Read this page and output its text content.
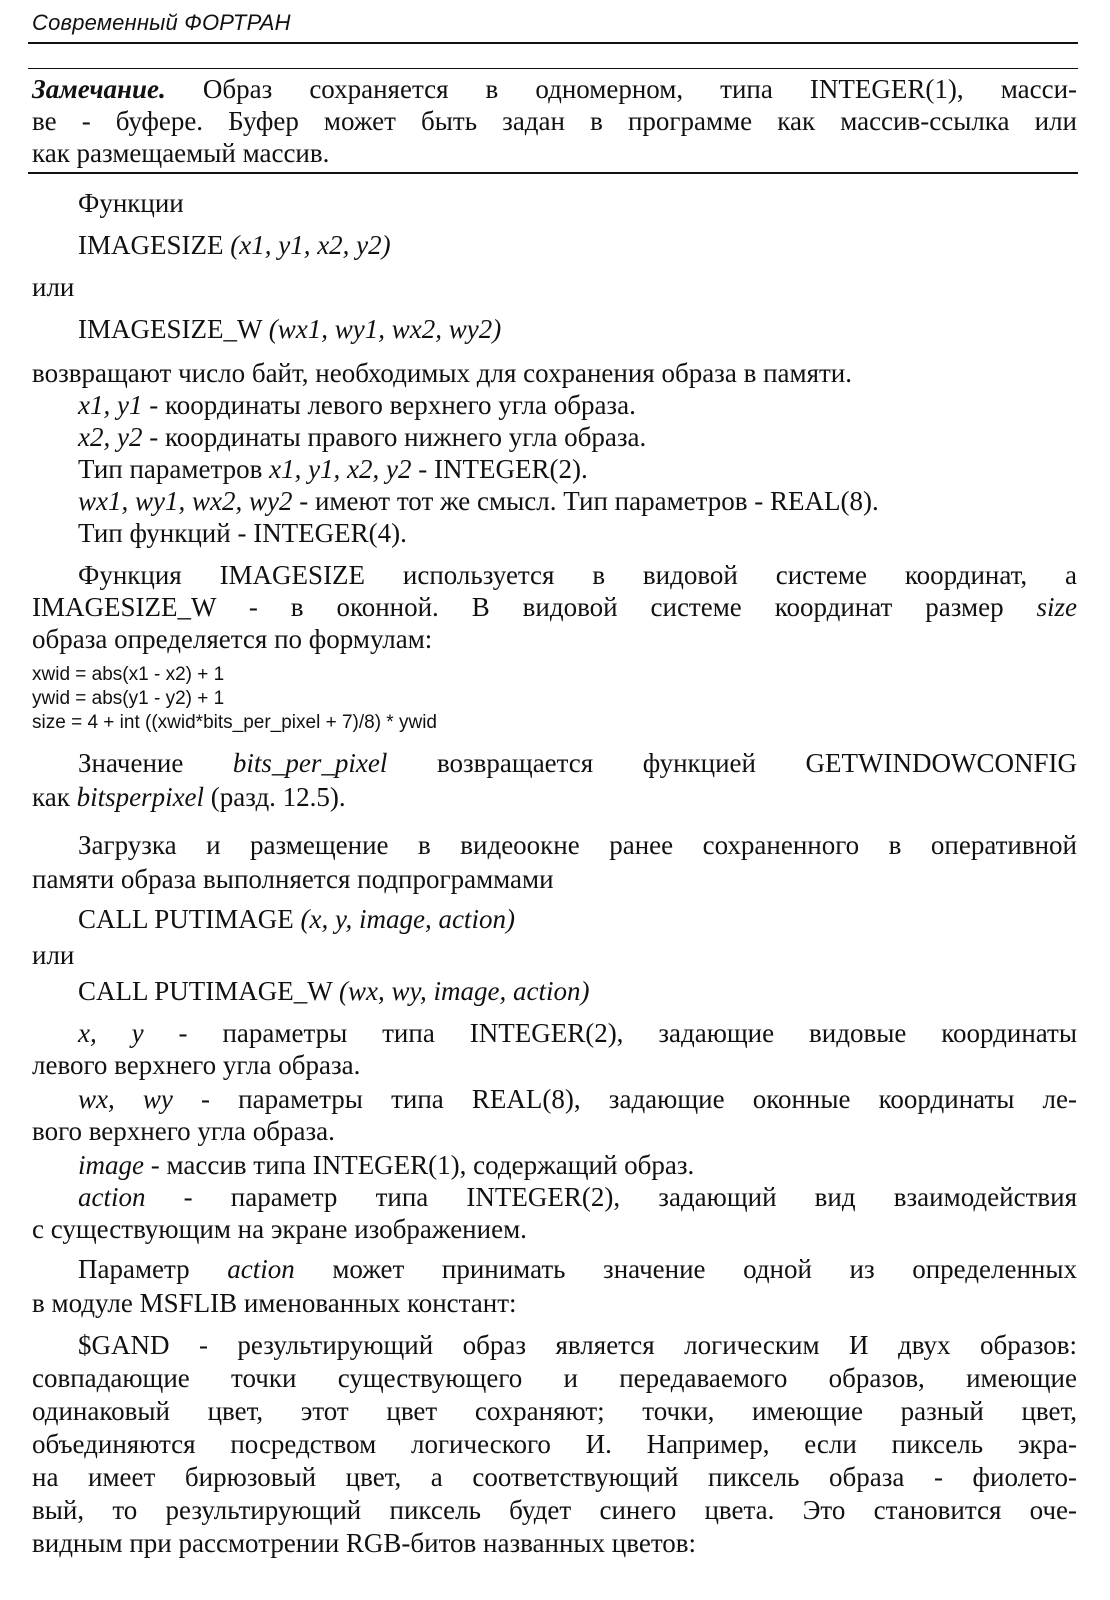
Современный ФОРТРАН
Замечание. Образ сохраняется в одномерном, типа INTEGER(1), масси-
ве - буфере. Буфер может быть задан в программе как массив-ссылка или
как размещаемый массив.
Функции
IMAGESIZE (x1, y1, x2, y2)
или
IMAGESIZE_W (wx1, wy1, wx2, wy2)
возвращают число байт, необходимых для сохранения образа в памяти.
x1, y1 - координаты левого верхнего угла образа.
x2, y2 - координаты правого нижнего угла образа.
Тип параметров x1, y1, x2, y2 - INTEGER(2).
wx1, wy1, wx2, wy2 - имеют тот же смысл. Тип параметров - REAL(8).
Тип функций - INTEGER(4).
Функция IMAGESIZE используется в видовой системе координат, а
IMAGESIZE_W - в оконной. В видовой системе координат размер size
образа определяется по формулам:
xwid = abs(x1 - x2) + 1
ywid = abs(y1 - y2) + 1
size = 4 + int ((xwid*bits_per_pixel + 7)/8) * ywid
Значение bits_per_pixel возвращается функцией GETWINDOWCONFIG
как bitsperpixel (разд. 12.5).
Загрузка и размещение в видеоокне ранее сохраненного в оперативной
памяти образа выполняется подпрограммами
CALL PUTIMAGE (x, y, image, action)
или
CALL PUTIMAGE_W (wx, wy, image, action)
x, y - параметры типа INTEGER(2), задающие видовые координаты
левого верхнего угла образа.
wx, wy - параметры типа REAL(8), задающие оконные координаты ле-
вого верхнего угла образа.
image - массив типа INTEGER(1), содержащий образ.
action - параметр типа INTEGER(2), задающий вид взаимодействия
с существующим на экране изображением.
Параметр action может принимать значение одной из определенных
в модуле MSFLIB именованных констант:
$GAND - результирующий образ является логическим И двух образов:
совпадающие точки существующего и передаваемого образов, имеющие
одинаковый цвет, этот цвет сохраняют; точки, имеющие разный цвет,
объединяются посредством логического И. Например, если пиксель экра-
на имеет бирюзовый цвет, а соответствующий пиксель образа - фиолето-
вый, то результирующий пиксель будет синего цвета. Это становится оче-
видным при рассмотрении RGB-битов названных цветов:
